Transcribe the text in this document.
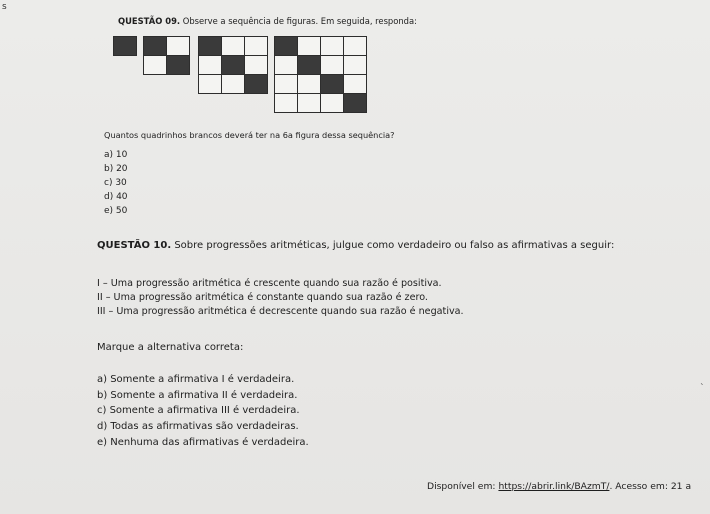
s
QUESTÃO 09. Observe a sequência de figuras. Em seguida, responda:
Quantos quadrinhos brancos deverá ter na 6a figura dessa sequência?
a) 10
b) 20
c) 30
d) 40
e) 50
QUESTÃO 10. Sobre progressões aritméticas, julgue como verdadeiro ou falso as afirmativas a seguir:
I – Uma progressão aritmética é crescente quando sua razão é positiva.
II – Uma progressão aritmética é constante quando sua razão é zero.
III – Uma progressão aritmética é decrescente quando sua razão é negativa.
Marque a alternativa correta:
a) Somente a afirmativa I é verdadeira.
b) Somente a afirmativa II é verdadeira.
c) Somente a afirmativa III é verdadeira.
d) Todas as afirmativas são verdadeiras.
e) Nenhuma das afirmativas é verdadeira.
ˎ
Disponível em: https://abrir.link/BAzmT/. Acesso em: 21 a
